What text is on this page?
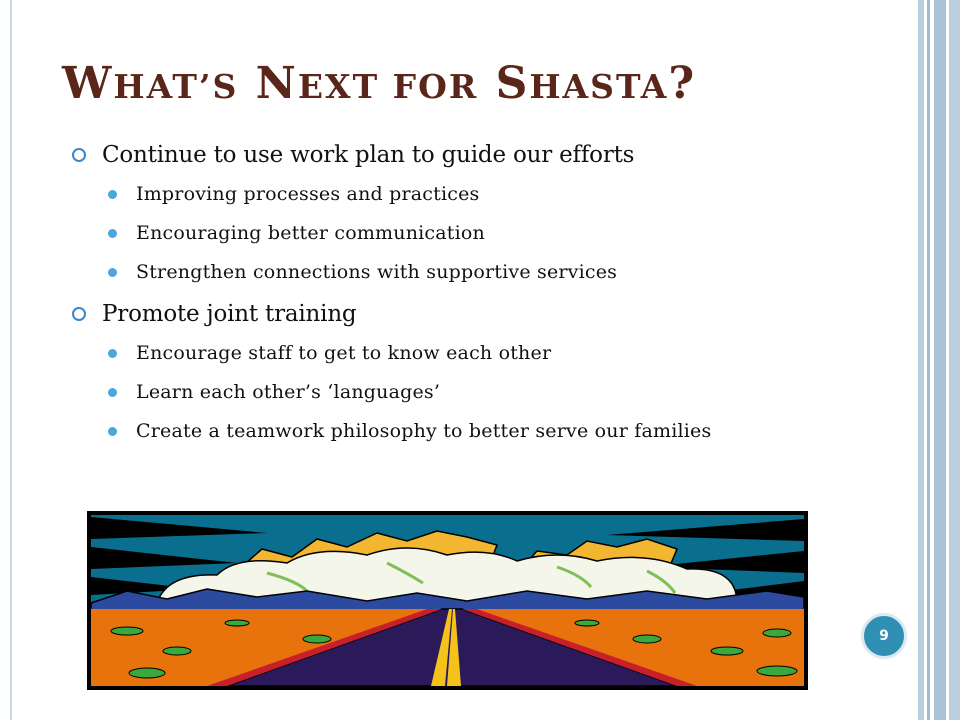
WHAT’S NEXT FOR SHASTA?
Continue to use work plan to guide our efforts
Improving processes and practices
Encouraging better communication
Strengthen connections with supportive services
Promote joint training
Encourage staff to get to know each other
Learn each other’s ‘languages’
Create a teamwork philosophy to better serve our families
9
